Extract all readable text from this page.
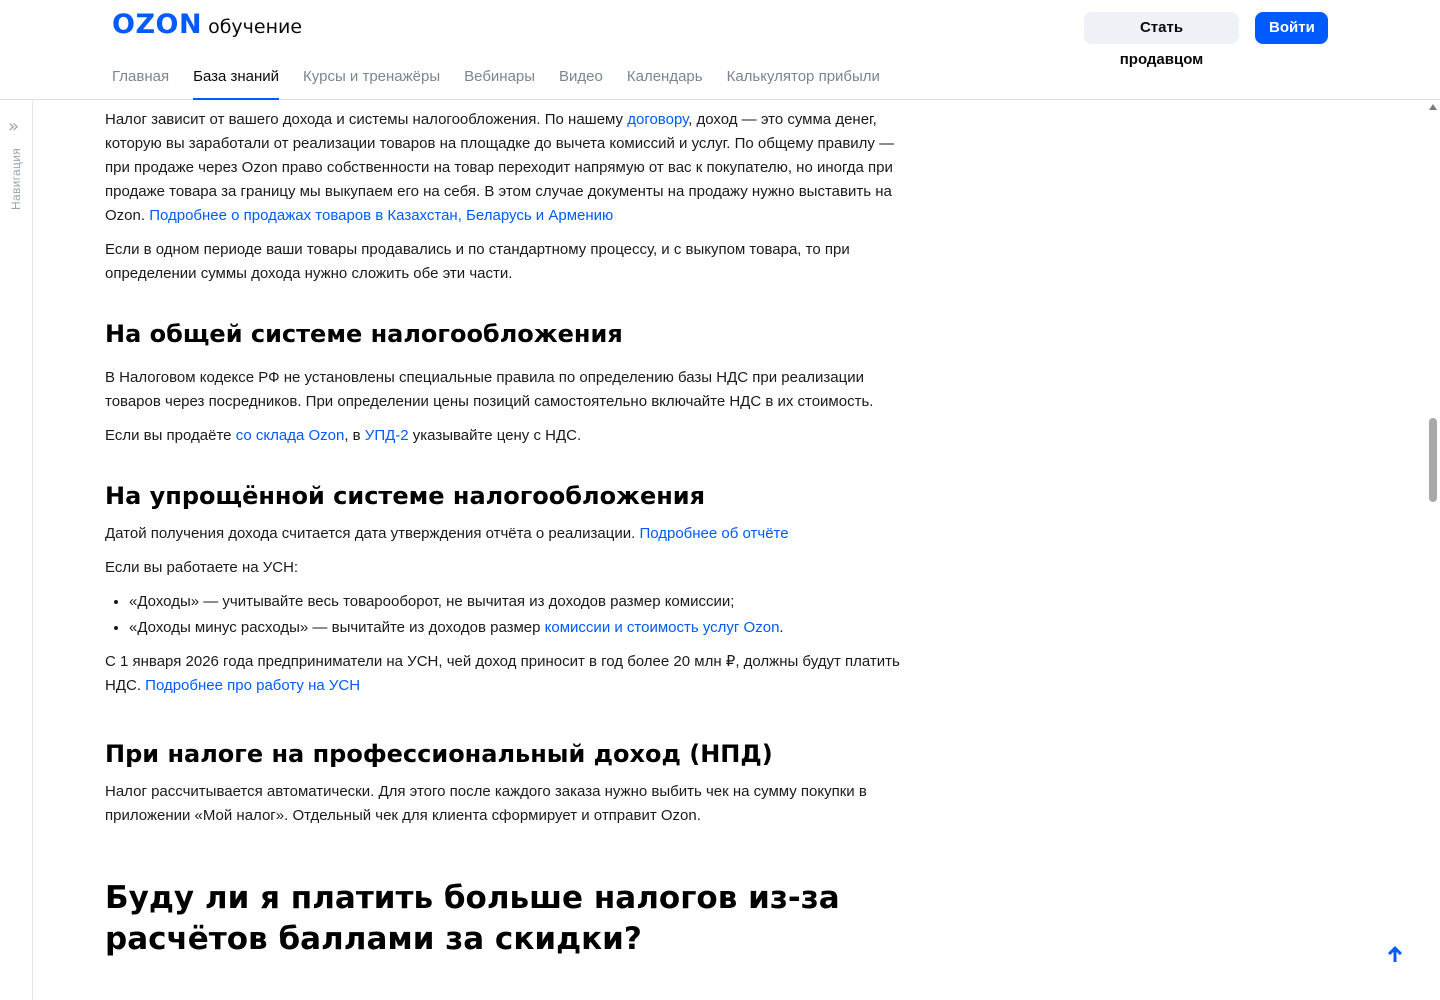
OZON обучение	Стать продавцом
Войти
Главная База знаний Курсы и тренажёры Вебинары Видео Календарь Калькулятор прибыли
»
Навигация

Налог зависит от вашего дохода и системы налогообложения. По нашему договору, доход — это сумма денег, которую вы заработали от реализации товаров на площадке до вычета комиссий и услуг. По общему правилу — при продаже через Ozon право собственности на товар переходит напрямую от вас к покупателю, но иногда при продаже товара за границу мы выкупаем его на себя. В этом случае документы на продажу нужно выставить на Ozon. Подробнее о продажах товаров в Казахстан, Беларусь и Армению

Если в одном периоде ваши товары продавались и по стандартному процессу, и с выкупом товара, то при определении суммы дохода нужно сложить обе эти части.

На общей системе налогообложения

В Налоговом кодексе РФ не установлены специальные правила по определению базы НДС при реализации товаров через посредников. При определении цены позиций самостоятельно включайте НДС в их стоимость.

Если вы продаёте со склада Ozon, в УПД-2 указывайте цену с НДС.

На упрощённой системе налогообложения

Датой получения дохода считается дата утверждения отчёта о реализации. Подробнее об отчёте

Если вы работаете на УСН:

• «Доходы» — учитывайте весь товарооборот, не вычитая из доходов размер комиссии;
• «Доходы минус расходы» — вычитайте из доходов размер комиссии и стоимость услуг Ozon.

С 1 января 2026 года предприниматели на УСН, чей доход приносит в год более 20 млн ₽, должны будут платить НДС. Подробнее про работу на УСН

При налоге на профессиональный доход (НПД)

Налог рассчитывается автоматически. Для этого после каждого заказа нужно выбить чек на сумму покупки в приложении «Мой налог». Отдельный чек для клиента сформирует и отправит Ozon.

Буду ли я платить больше налогов из-за расчётов баллами за скидки?
